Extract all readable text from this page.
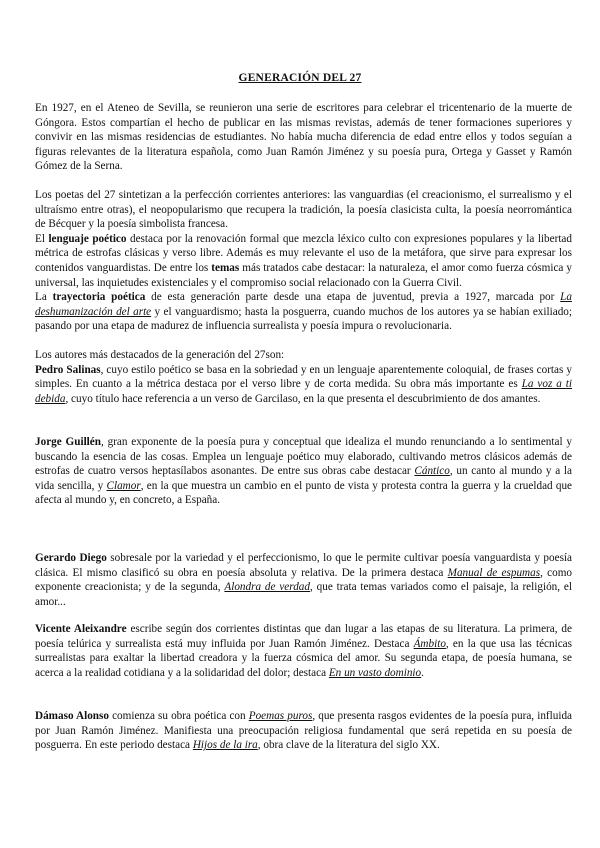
GENERACIÓN DEL 27

En 1927, en el Ateneo de Sevilla, se reunieron una serie de escritores para celebrar el tricentenario de la muerte de Góngora. Estos compartían el hecho de publicar en las mismas revistas, además de tener formaciones superiores y convivir en las mismas residencias de estudiantes. No había mucha diferencia de edad entre ellos y todos seguían a figuras relevantes de la literatura española, como Juan Ramón Jiménez y su poesía pura, Ortega y Gasset y Ramón Gómez de la Serna.

Los poetas del 27 sintetizan a la perfección corrientes anteriores: las vanguardias (el creacionismo, el surrealismo y el ultraísmo entre otras), el neopopularismo que recupera la tradición, la poesía clasicista culta, la poesía neorromántica de Bécquer y la poesía simbolista francesa.

El lenguaje poético destaca por la renovación formal que mezcla léxico culto con expresiones populares y la libertad métrica de estrofas clásicas y verso libre. Además es muy relevante el uso de la metáfora, que sirve para expresar los contenidos vanguardistas. De entre los temas más tratados cabe destacar: la naturaleza, el amor como fuerza cósmica y universal, las inquietudes existenciales y el compromiso social relacionado con la Guerra Civil.

La trayectoria poética de esta generación parte desde una etapa de juventud, previa a 1927, marcada por La deshumanización del arte y el vanguardismo; hasta la posguerra, cuando muchos de los autores ya se habían exiliado; pasando por una etapa de madurez de influencia surrealista y poesía impura o revolucionaria.

Los autores más destacados de la generación del 27son:

Pedro Salinas, cuyo estilo poético se basa en la sobriedad y en un lenguaje aparentemente coloquial, de frases cortas y simples. En cuanto a la métrica destaca por el verso libre y de corta medida. Su obra más importante es La voz a ti debida, cuyo título hace referencia a un verso de Garcilaso, en la que presenta el descubrimiento de dos amantes.

Jorge Guillén, gran exponente de la poesía pura y conceptual que idealiza el mundo renunciando a lo sentimental y buscando la esencia de las cosas. Emplea un lenguaje poético muy elaborado, cultivando metros clásicos además de estrofas de cuatro versos heptasílabos asonantes. De entre sus obras cabe destacar Cántico, un canto al mundo y a la vida sencilla, y Clamor, en la que muestra un cambio en el punto de vista y protesta contra la guerra y la crueldad que afecta al mundo y, en concreto, a España.

Gerardo Diego sobresale por la variedad y el perfeccionismo, lo que le permite cultivar poesía vanguardista y poesía clásica. El mismo clasificó su obra en poesía absoluta y relativa. De la primera destaca Manual de espumas, como exponente creacionista; y de la segunda, Alondra de verdad, que trata temas variados como el paisaje, la religión, el amor...

Vicente Aleixandre escribe según dos corrientes distintas que dan lugar a las etapas de su literatura. La primera, de poesía telúrica y surrealista está muy influida por Juan Ramón Jiménez. Destaca Ámbito, en la que usa las técnicas surrealistas para exaltar la libertad creadora y la fuerza cósmica del amor. Su segunda etapa, de poesía humana, se acerca a la realidad cotidiana y a la solidaridad del dolor; destaca En un vasto dominio.

Dámaso Alonso comienza su obra poética con Poemas puros, que presenta rasgos evidentes de la poesía pura, influida por Juan Ramón Jiménez. Manifiesta una preocupación religiosa fundamental que será repetida en su poesía de posguerra. En este periodo destaca Hijos de la ira, obra clave de la literatura del siglo XX.
